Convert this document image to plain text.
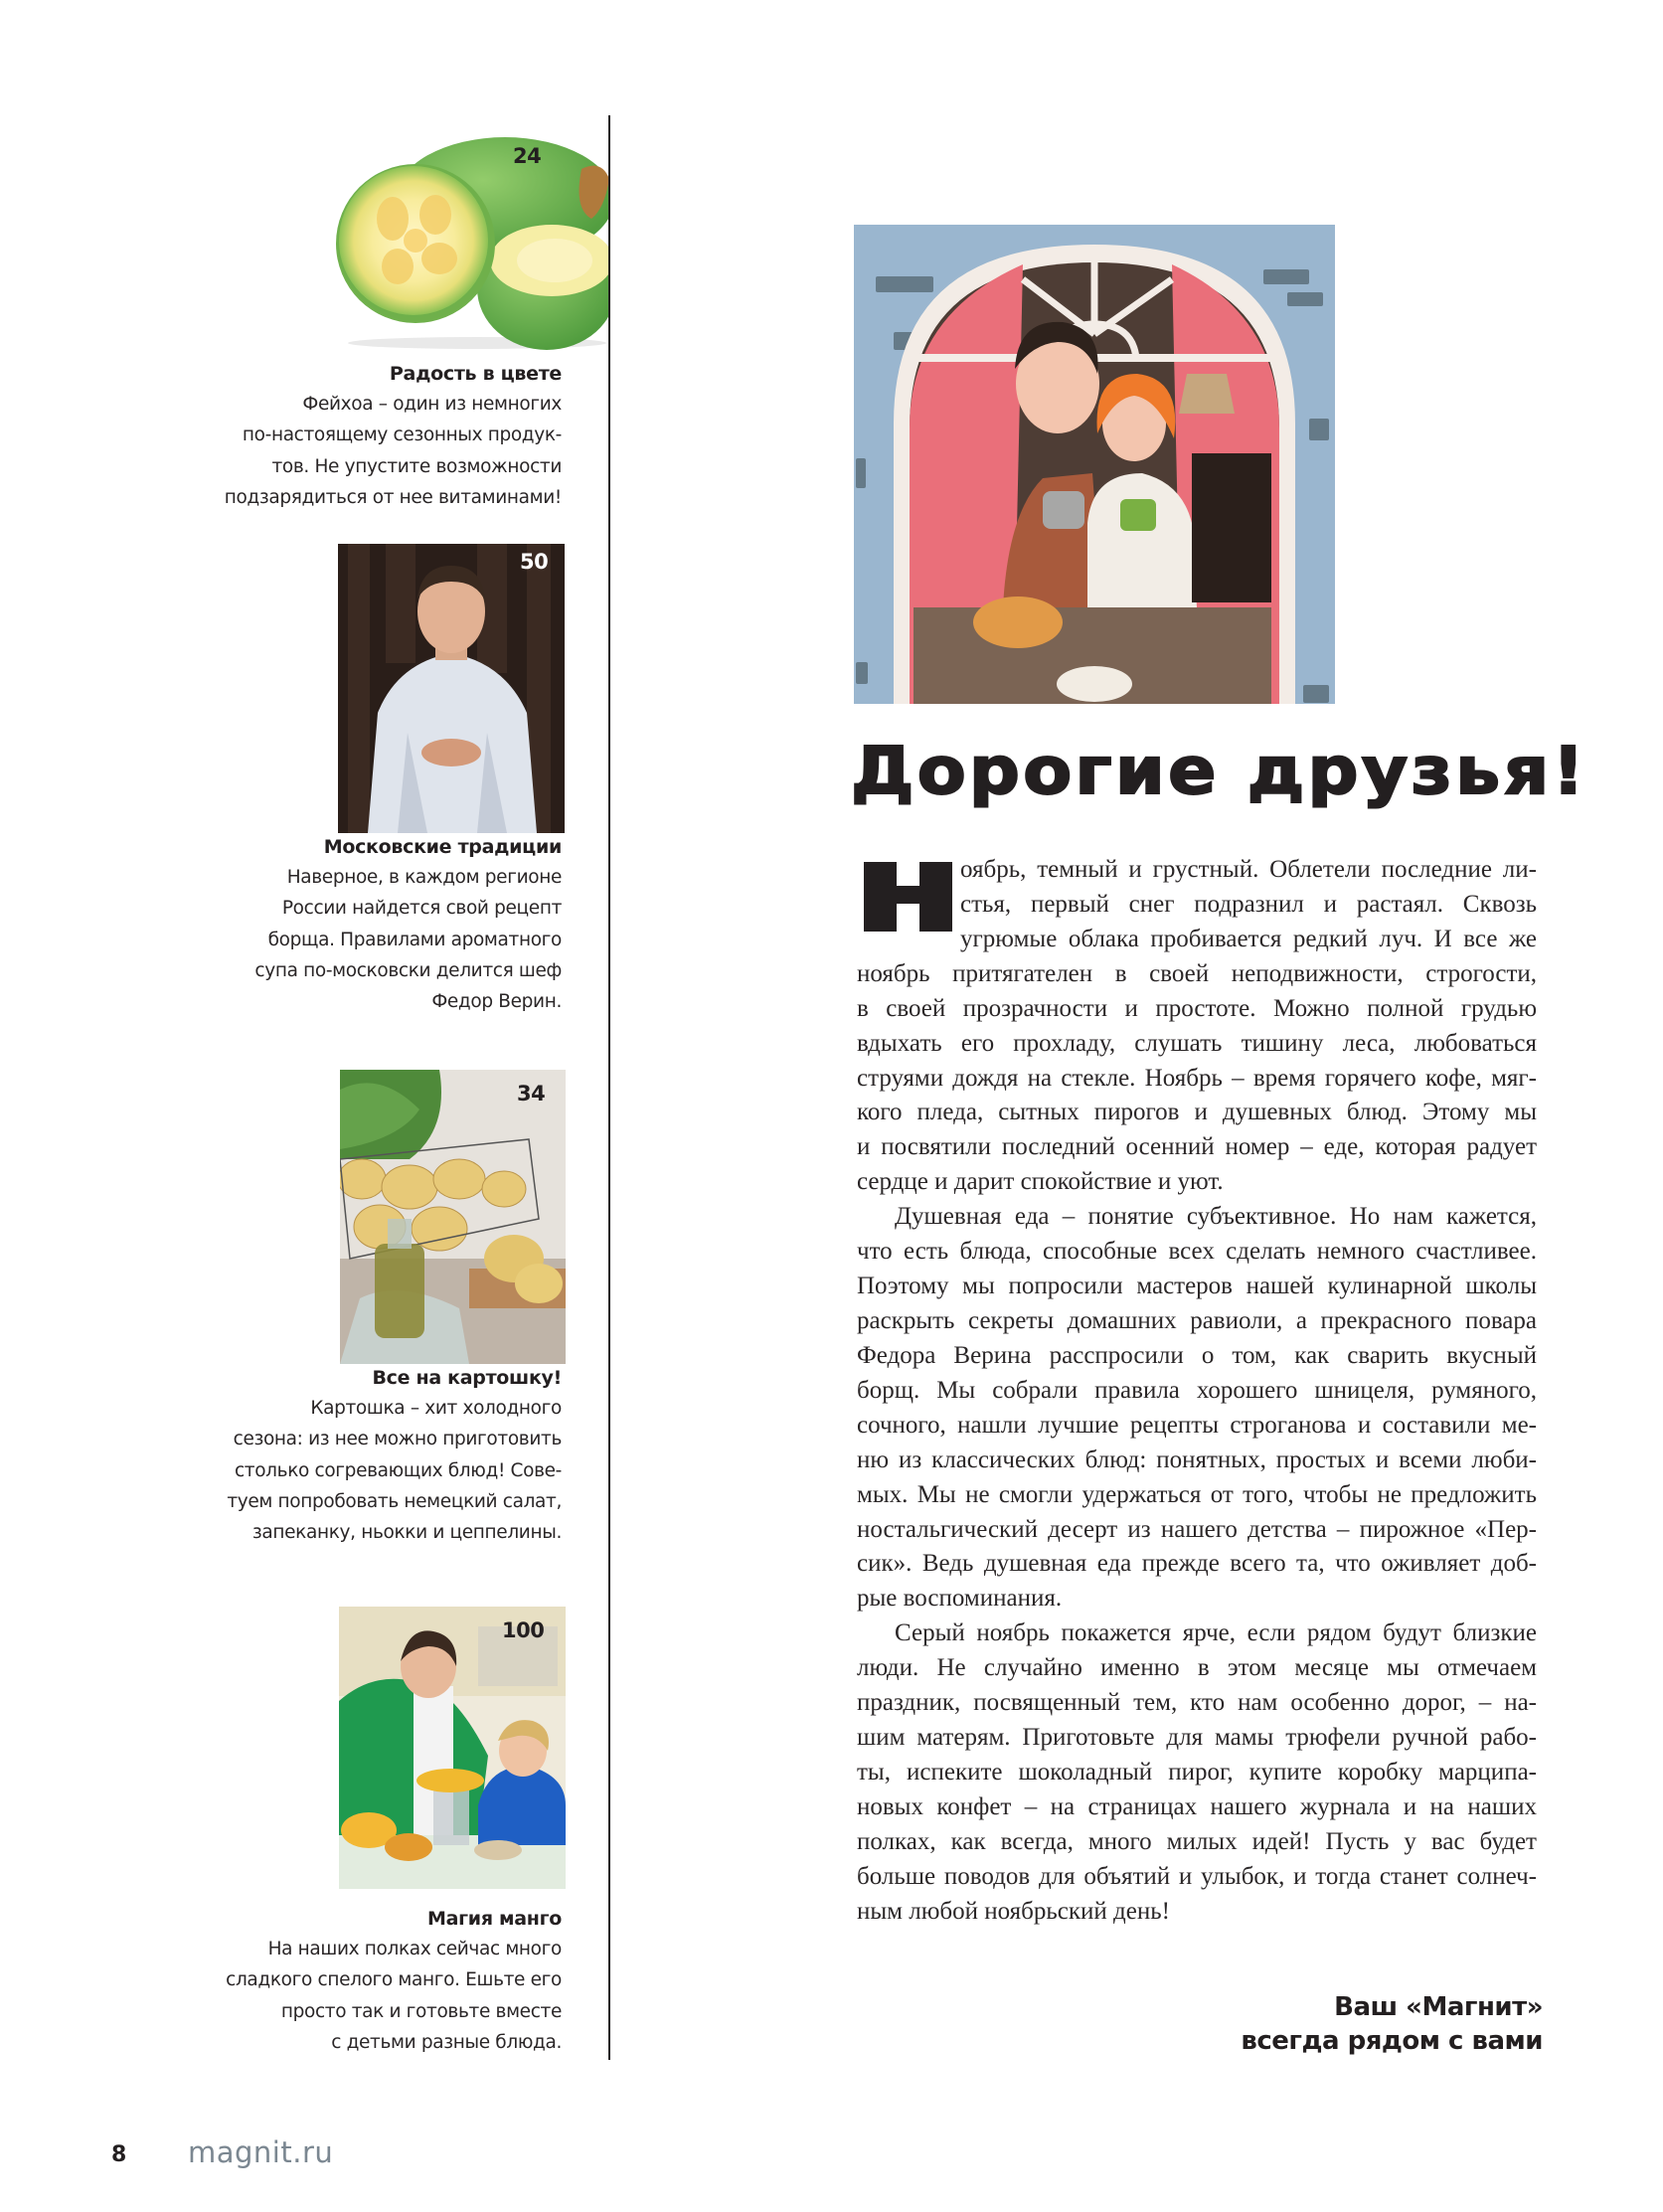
24
Радость в цвете
Фейхоа – один из немногих
по-настоящему сезонных продук-
тов. Не упустите возможности
подзарядиться от нее витаминами!
50
Московские традиции
Наверное, в каждом регионе
России найдется свой рецепт
борща. Правилами ароматного
супа по-московски делится шеф
Федор Верин.
34
Все на картошку!
Картошка – хит холодного
сезона: из нее можно приготовить
столько согревающих блюд! Сове-
туем попробовать немецкий салат,
запеканку, ньокки и цеппелины.
100
Магия манго
На наших полках сейчас много
сладкого спелого манго. Ешьте его
просто так и готовьте вместе
с детьми разные блюда.
Дорогие друзья!
оябрь, темный и грустный. Облетели последние ли-
стья, первый снег подразнил и растаял. Сквозь
угрюмые облака пробивается редкий луч. И все же
ноябрь притягателен в своей неподвижности, строгости,
в своей прозрачности и простоте. Можно полной грудью
вдыхать его прохладу, слушать тишину леса, любоваться
струями дождя на стекле. Ноябрь – время горячего кофе, мяг-
кого пледа, сытных пирогов и душевных блюд. Этому мы
и посвятили последний осенний номер – еде, которая радует
сердце и дарит спокойствие и уют.
Душевная еда – понятие субъективное. Но нам кажется,
что есть блюда, способные всех сделать немного счастливее.
Поэтому мы попросили мастеров нашей кулинарной школы
раскрыть секреты домашних равиоли, а прекрасного повара
Федора Верина расспросили о том, как сварить вкусный
борщ. Мы собрали правила хорошего шницеля, румяного,
сочного, нашли лучшие рецепты строганова и составили ме-
ню из классических блюд: понятных, простых и всеми люби-
мых. Мы не смогли удержаться от того, чтобы не предложить
ностальгический десерт из нашего детства – пирожное «Пер-
сик». Ведь душевная еда прежде всего та, что оживляет доб-
рые воспоминания.
Серый ноябрь покажется ярче, если рядом будут близкие
люди. Не случайно именно в этом месяце мы отмечаем
праздник, посвященный тем, кто нам особенно дорог, – на-
шим матерям. Приготовьте для мамы трюфели ручной рабо-
ты, испеките шоколадный пирог, купите коробку марципа-
новых конфет – на страницах нашего журнала и на наших
полках, как всегда, много милых идей! Пусть у вас будет
больше поводов для объятий и улыбок, и тогда станет солнеч-
ным любой ноябрьский день!
Ваш «Магнит»
всегда рядом с вами
8 magnit.ru
